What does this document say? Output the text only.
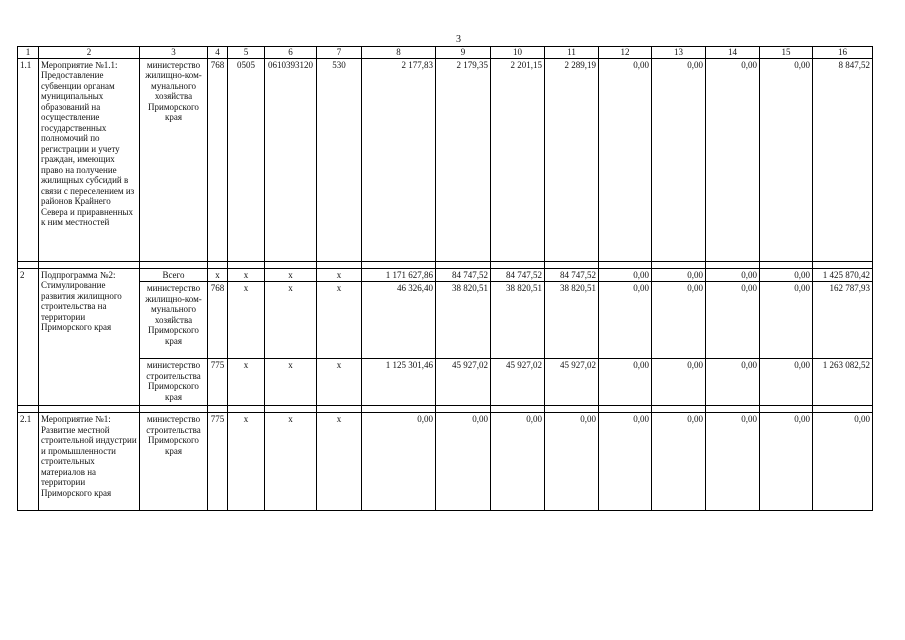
3
1	2	3	4	5	6	7	8	9	10	11	12	13	14	15	16
1.1	Мероприятие №1.1: Предоставление субвенции органам муниципальных образований на осуществление государственных полномочий по регистрации и учету граждан, имеющих право на получение жилищных субсидий в связи с переселением из районов Крайнего Севера и приравненных к ним местностей	министерство жилищно-ком-мунального хозяйства Приморского края	768	0505	0610393120	530	2 177,83	2 179,35	2 201,15	2 289,19	0,00	0,00	0,00	0,00	8 847,52

2	Подпрограмма №2: Стимулирование развития жилищного строительства на территории Приморского края	Всего	x	x	x	x	1 171 627,86	84 747,52	84 747,52	84 747,52	0,00	0,00	0,00	0,00	1 425 870,42
		министерство жилищно-ком-мунального хозяйства Приморского края	768	x	x	x	46 326,40	38 820,51	38 820,51	38 820,51	0,00	0,00	0,00	0,00	162 787,93
		министерство строительства Приморского края	775	x	x	x	1 125 301,46	45 927,02	45 927,02	45 927,02	0,00	0,00	0,00	0,00	1 263 082,52

2.1	Мероприятие №1: Развитие местной строительной индустрии и промышленности строительных материалов на территории Приморского края	министерство строительства Приморского края	775	x	x	x	0,00	0,00	0,00	0,00	0,00	0,00	0,00	0,00	0,00
